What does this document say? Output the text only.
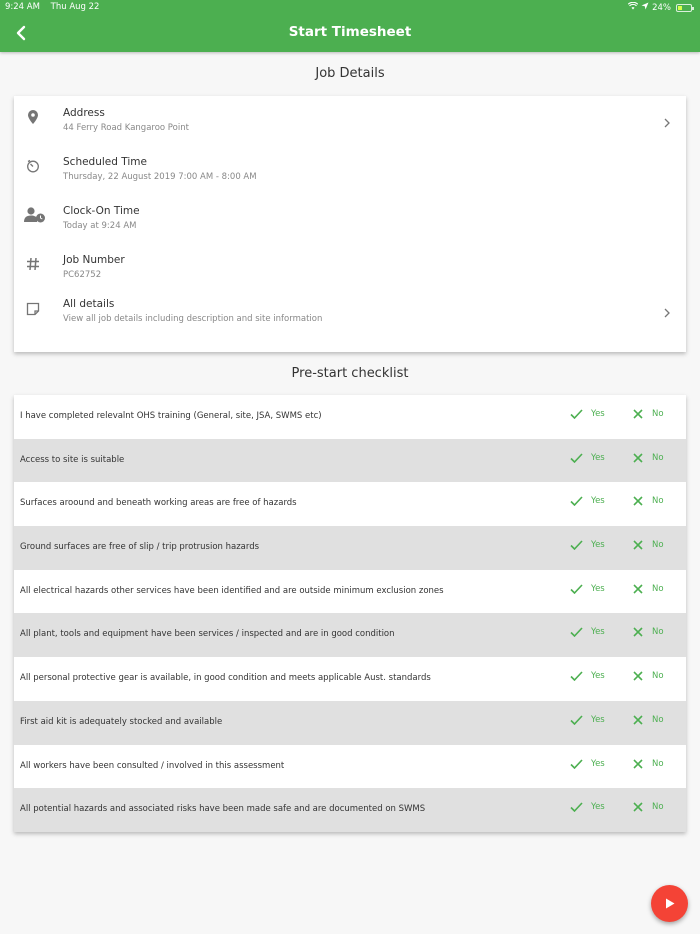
9:24 AM Thu Aug 22	24%
Start Timesheet
Job Details
Address
44 Ferry Road Kangaroo Point
Scheduled Time
Thursday, 22 August 2019 7:00 AM - 8:00 AM
Clock-On Time
Today at 9:24 AM
Job Number
PC62752
All details
View all job details including description and site information
Pre-start checklist
I have completed relevalnt OHS training (General, site, JSA, SWMS etc)	Yes	No
Access to site is suitable	Yes	No
Surfaces aroound and beneath working areas are free of hazards	Yes	No
Ground surfaces are free of slip / trip protrusion hazards	Yes	No
All electrical hazards other services have been identified and are outside minimum exclusion zones	Yes	No
All plant, tools and equipment have been services / inspected and are in good condition	Yes	No
All personal protective gear is available, in good condition and meets applicable Aust. standards	Yes	No
First aid kit is adequately stocked and available	Yes	No
All workers have been consulted / involved in this assessment	Yes	No
All potential hazards and associated risks have been made safe and are documented on SWMS	Yes	No
